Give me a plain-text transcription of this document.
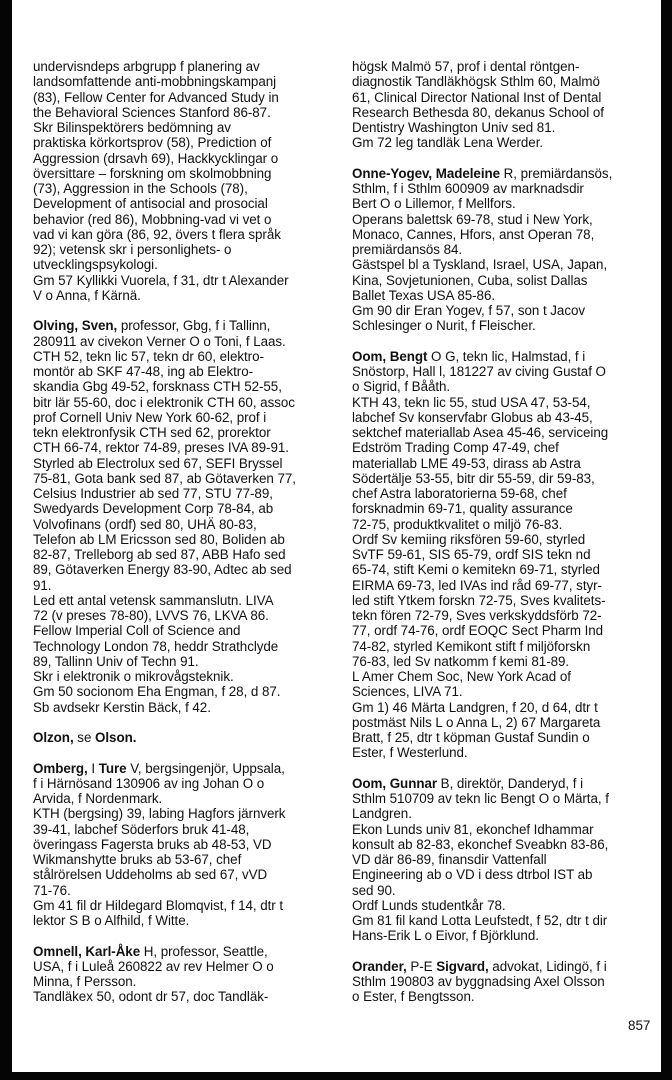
undervisndeps arbgrupp f planering av
landsomfattende anti-mobbningskampanj
(83), Fellow Center for Advanced Study in
the Behavioral Sciences Stanford 86-87.
Skr Bilinspektörers bedömning av
praktiska körkortsprov (58), Prediction of
Aggression (drsavh 69), Hackkycklingar o
översittare – forskning om skolmobbning
(73), Aggression in the Schools (78),
Development of antisocial and prosocial
behavior (red 86), Mobbning-vad vi vet o
vad vi kan göra (86, 92, övers t flera språk
92); vetensk skr i personlighets- o
utvecklingspsykologi.
Gm 57 Kyllikki Vuorela, f 31, dtr t Alexander
V o Anna, f Kärnä.
Olving, Sven, professor, Gbg, f i Tallinn,
280911 av civekon Verner O o Toni, f Laas.
CTH 52, tekn lic 57, tekn dr 60, elektro-
montör ab SKF 47-48, ing ab Elektro-
skandia Gbg 49-52, forsknass CTH 52-55,
bitr lär 55-60, doc i elektronik CTH 60, assoc
prof Cornell Univ New York 60-62, prof i
tekn elektronfysik CTH sed 62, prorektor
CTH 66-74, rektor 74-89, preses IVA 89-91.
Styrled ab Electrolux sed 67, SEFI Bryssel
75-81, Gota bank sed 87, ab Götaverken 77,
Celsius Industrier ab sed 77, STU 77-89,
Swedyards Development Corp 78-84, ab
Volvofinans (ordf) sed 80, UHÄ 80-83,
Telefon ab LM Ericsson sed 80, Boliden ab
82-87, Trelleborg ab sed 87, ABB Hafo sed
89, Götaverken Energy 83-90, Adtec ab sed
91.
Led ett antal vetensk sammanslutn. LIVA
72 (v preses 78-80), LVVS 76, LKVA 86.
Fellow Imperial Coll of Science and
Technology London 78, heddr Strathclyde
89, Tallinn Univ of Techn 91.
Skr i elektronik o mikrovågsteknik.
Gm 50 socionom Eha Engman, f 28, d 87.
Sb avdsekr Kerstin Bäck, f 42.
Olzon, se Olson.
Omberg, I Ture V, bergsingenjör, Uppsala,
f i Härnösand 130906 av ing Johan O o
Arvida, f Nordenmark.
KTH (bergsing) 39, labing Hagfors järnverk
39-41, labchef Söderfors bruk 41-48,
överingass Fagersta bruks ab 48-53, VD
Wikmanshytte bruks ab 53-67, chef
stålrörelsen Uddeholms ab sed 67, vVD
71-76.
Gm 41 fil dr Hildegard Blomqvist, f 14, dtr t
lektor S B o Alfhild, f Witte.
Omnell, Karl-Åke H, professor, Seattle,
USA, f i Luleå 260822 av rev Helmer O o
Minna, f Persson.
Tandläkex 50, odont dr 57, doc Tandläk-
högsk Malmö 57, prof i dental röntgen-
diagnostik Tandläkhögsk Sthlm 60, Malmö
61, Clinical Director National Inst of Dental
Research Bethesda 80, dekanus School of
Dentistry Washington Univ sed 81.
Gm 72 leg tandläk Lena Werder.
Onne-Yogev, Madeleine R, premiärdansös,
Sthlm, f i Sthlm 600909 av marknadsdir
Bert O o Lillemor, f Mellfors.
Operans balettsk 69-78, stud i New York,
Monaco, Cannes, Hfors, anst Operan 78,
premiärdansös 84.
Gästspel bl a Tyskland, Israel, USA, Japan,
Kina, Sovjetunionen, Cuba, solist Dallas
Ballet Texas USA 85-86.
Gm 90 dir Eran Yogev, f 57, son t Jacov
Schlesinger o Nurit, f Fleischer.
Oom, Bengt O G, tekn lic, Halmstad, f i
Snöstorp, Hall l, 181227 av civing Gustaf O
o Sigrid, f Bååth.
KTH 43, tekn lic 55, stud USA 47, 53-54,
labchef Sv konservfabr Globus ab 43-45,
sektchef materiallab Asea 45-46, serviceing
Edström Trading Comp 47-49, chef
materiallab LME 49-53, dirass ab Astra
Södertälje 53-55, bitr dir 55-59, dir 59-83,
chef Astra laboratorierna 59-68, chef
forsknadmin 69-71, quality assurance
72-75, produktkvalitet o miljö 76-83.
Ordf Sv kemiing riksfören 59-60, styrled
SvTF 59-61, SIS 65-79, ordf SIS tekn nd
65-74, stift Kemi o kemitekn 69-71, styrled
EIRMA 69-73, led IVAs ind råd 69-77, styr-
led stift Ytkem forskn 72-75, Sves kvalitets-
tekn fören 72-79, Sves verkskyddsförb 72-
77, ordf 74-76, ordf EOQC Sect Pharm Ind
74-82, styrled Kemikont stift f miljöforskn
76-83, led Sv natkomm f kemi 81-89.
L Amer Chem Soc, New York Acad of
Sciences, LIVA 71.
Gm 1) 46 Märta Landgren, f 20, d 64, dtr t
postmäst Nils L o Anna L, 2) 67 Margareta
Bratt, f 25, dtr t köpman Gustaf Sundin o
Ester, f Westerlund.
Oom, Gunnar B, direktör, Danderyd, f i
Sthlm 510709 av tekn lic Bengt O o Märta, f
Landgren.
Ekon Lunds univ 81, ekonchef Idhammar
konsult ab 82-83, ekonchef Sveabkn 83-86,
VD där 86-89, finansdir Vattenfall
Engineering ab o VD i dess dtrbol IST ab
sed 90.
Ordf Lunds studentkår 78.
Gm 81 fil kand Lotta Leufstedt, f 52, dtr t dir
Hans-Erik L o Eivor, f Björklund.
Orander, P-E Sigvard, advokat, Lidingö, f i
Sthlm 190803 av byggnadsing Axel Olsson
o Ester, f Bengtsson.
857
